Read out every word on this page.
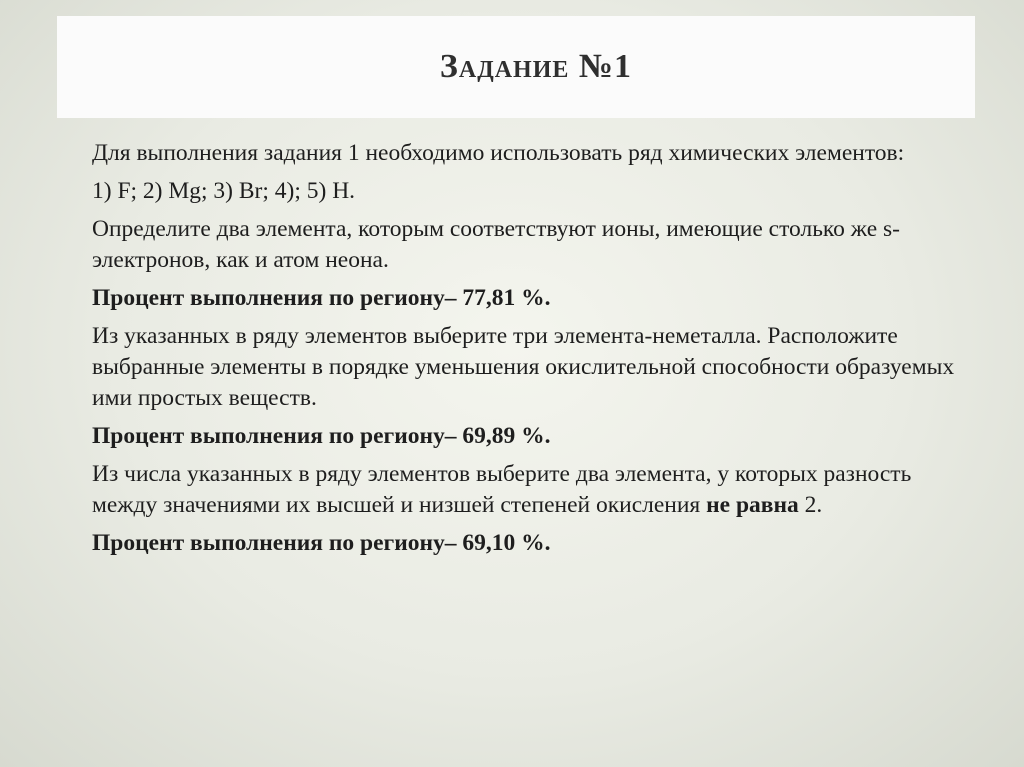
Задание №1

Для выполнения задания 1 необходимо использовать ряд химических элементов:

1) F; 2) Mg; 3) Br; 4); 5) H.

Определите два элемента, которым соответствуют ионы, имеющие столько же s-электронов, как и атом неона.

Процент выполнения по региону– 77,81 %.

Из указанных в ряду элементов выберите три элемента-неметалла. Расположите выбранные элементы в порядке уменьшения окислительной способности образуемых ими простых веществ.

Процент выполнения по региону– 69,89 %.

Из числа указанных в ряду элементов выберите два элемента, у которых разность между значениями их высшей и низшей степеней окисления не равна 2.

Процент выполнения по региону– 69,10 %.
